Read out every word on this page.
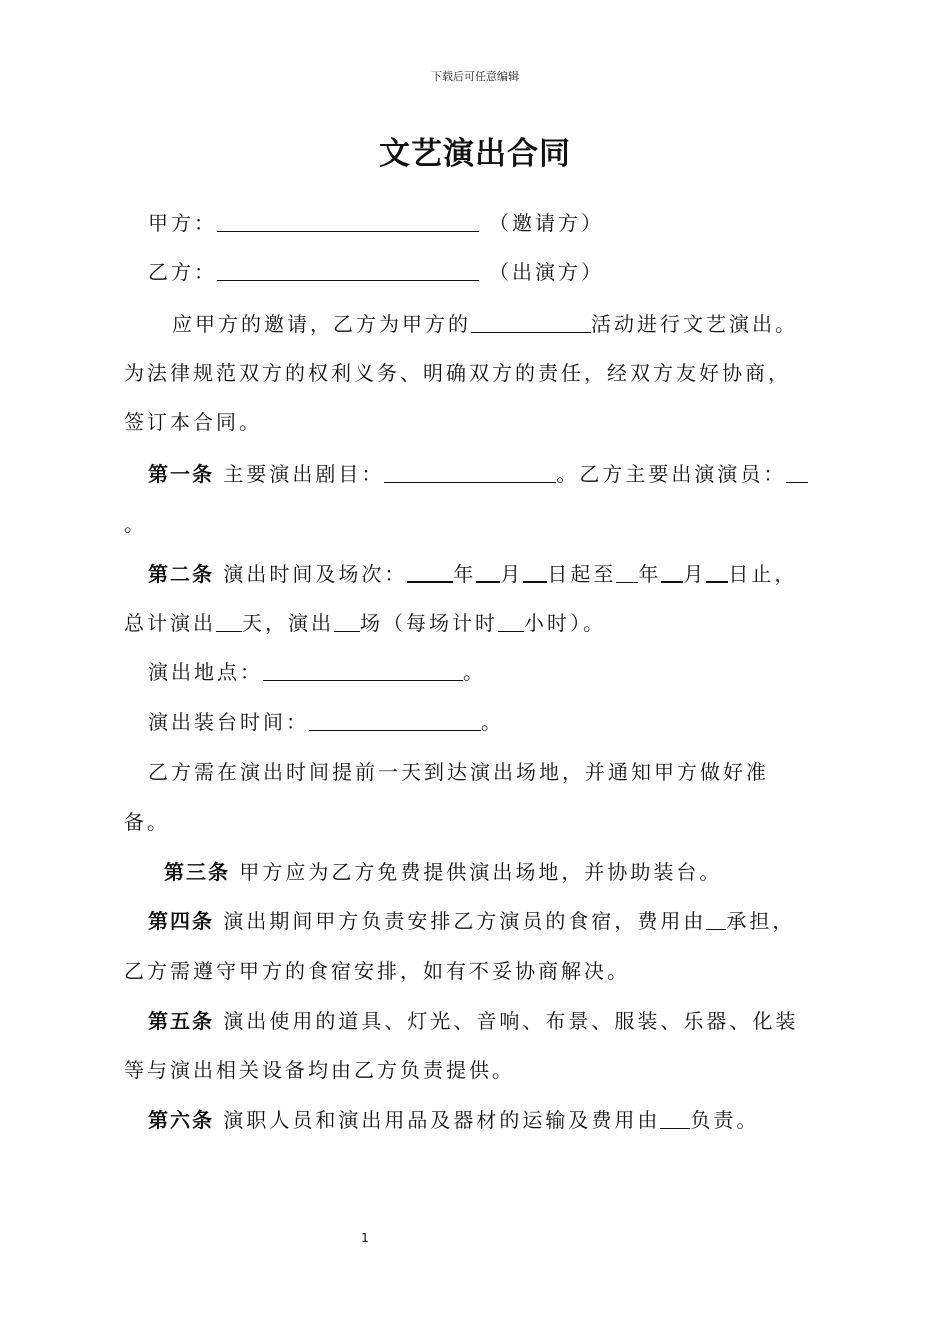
下载后可任意编辑
文艺演出合同
甲方：	（邀请方）
乙方：	（出演方）
应甲方的邀请，乙方为甲方的	活动进行文艺演出。
为法律规范双方的权利义务、明确双方的责任，经双方友好协商，
签订本合同。
第一条 主要演出剧目：	。乙方主要出演演员：
。
第二条 演出时间及场次： 年 月 日起至 年 月 日止，
总计演出 天，演出 场（每场计时 小时）。
演出地点：	。
演出装台时间：	。
乙方需在演出时间提前一天到达演出场地，并通知甲方做好准
备。
第三条 甲方应为乙方免费提供演出场地，并协助装台。
第四条 演出期间甲方负责安排乙方演员的食宿，费用由 承担，
乙方需遵守甲方的食宿安排，如有不妥协商解决。
第五条 演出使用的道具、灯光、音响、布景、服装、乐器、化装
等与演出相关设备均由乙方负责提供。
第六条 演职人员和演出用品及器材的运输及费用由 负责。
1
